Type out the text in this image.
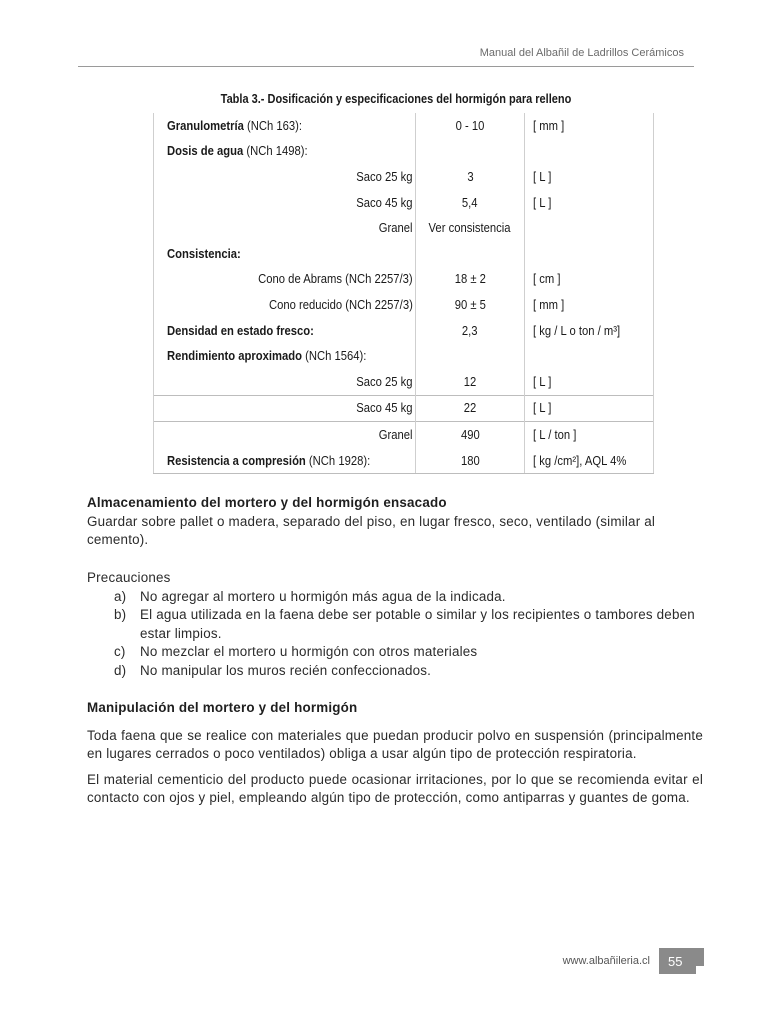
Manual del Albañil de Ladrillos Cerámicos
Tabla 3.- Dosificación y especificaciones del hormigón para relleno
Granulometría (NCh 163):	0 - 10	[ mm ]
Dosis de agua (NCh 1498):		
Saco 25 kg	3	[ L ]
Saco 45 kg	5,4	[ L ]
Granel	Ver consistencia	
Consistencia:		
Cono de Abrams (NCh 2257/3)	18 ± 2	[ cm ]
Cono reducido (NCh 2257/3)	90 ± 5	[ mm ]
Densidad en estado fresco:	2,3	[ kg / L o ton / m³]
Rendimiento aproximado (NCh 1564):		
Saco 25 kg	12	[ L ]
Saco 45 kg	22	[ L ]
Granel	490	[ L / ton ]
Resistencia a compresión (NCh 1928):	180	[ kg /cm²], AQL 4%
Almacenamiento del mortero y del hormigón ensacado
Guardar sobre pallet o madera, separado del piso, en lugar fresco, seco, ventilado (similar al cemento).
Precauciones
a) No agregar al mortero u hormigón más agua de la indicada.
b) El agua utilizada en la faena debe ser potable o similar y los recipientes o tambores deben estar limpios.
c) No mezclar el mortero u hormigón con otros materiales
d) No manipular los muros recién confeccionados.
Manipulación del mortero y del hormigón
Toda faena que se realice con materiales que puedan producir polvo en suspensión (principalmente en lugares cerrados o poco ventilados) obliga a usar algún tipo de protección respiratoria.
El material cementicio del producto puede ocasionar irritaciones, por lo que se recomienda evitar el contacto con ojos y piel, empleando algún tipo de protección, como antiparras y guantes de goma.
www.albañileria.cl 55
